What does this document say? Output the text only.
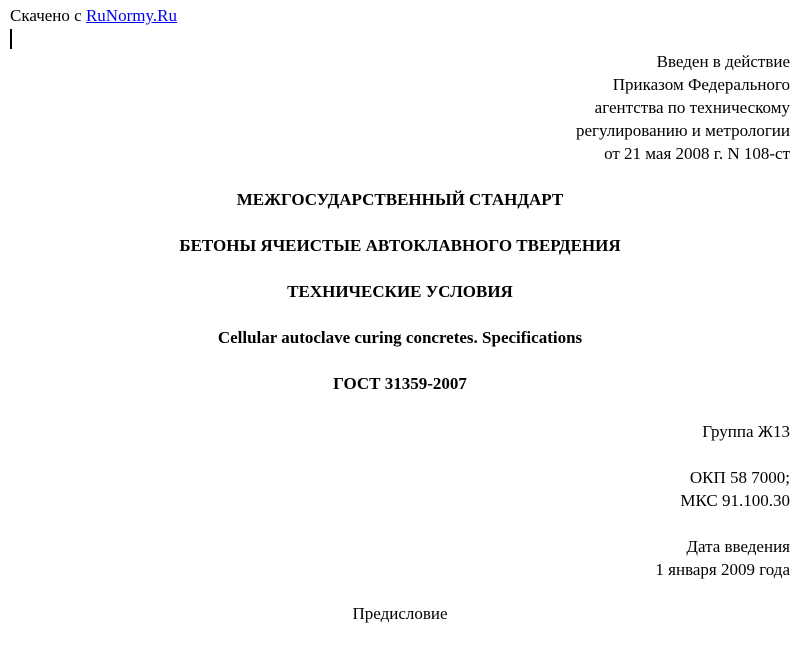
Скачено с RuNormy.Ru
Введен в действие
Приказом Федерального
агентства по техническому
регулированию и метрологии
от 21 мая 2008 г. N 108-ст
МЕЖГОСУДАРСТВЕННЫЙ СТАНДАРТ
БЕТОНЫ ЯЧЕИСТЫЕ АВТОКЛАВНОГО ТВЕРДЕНИЯ
ТЕХНИЧЕСКИЕ УСЛОВИЯ
Cellular autoclave curing concretes. Specifications
ГОСТ 31359-2007
Группа Ж13
ОКП 58 7000;
МКС 91.100.30
Дата введения
1 января 2009 года
Предисловие
